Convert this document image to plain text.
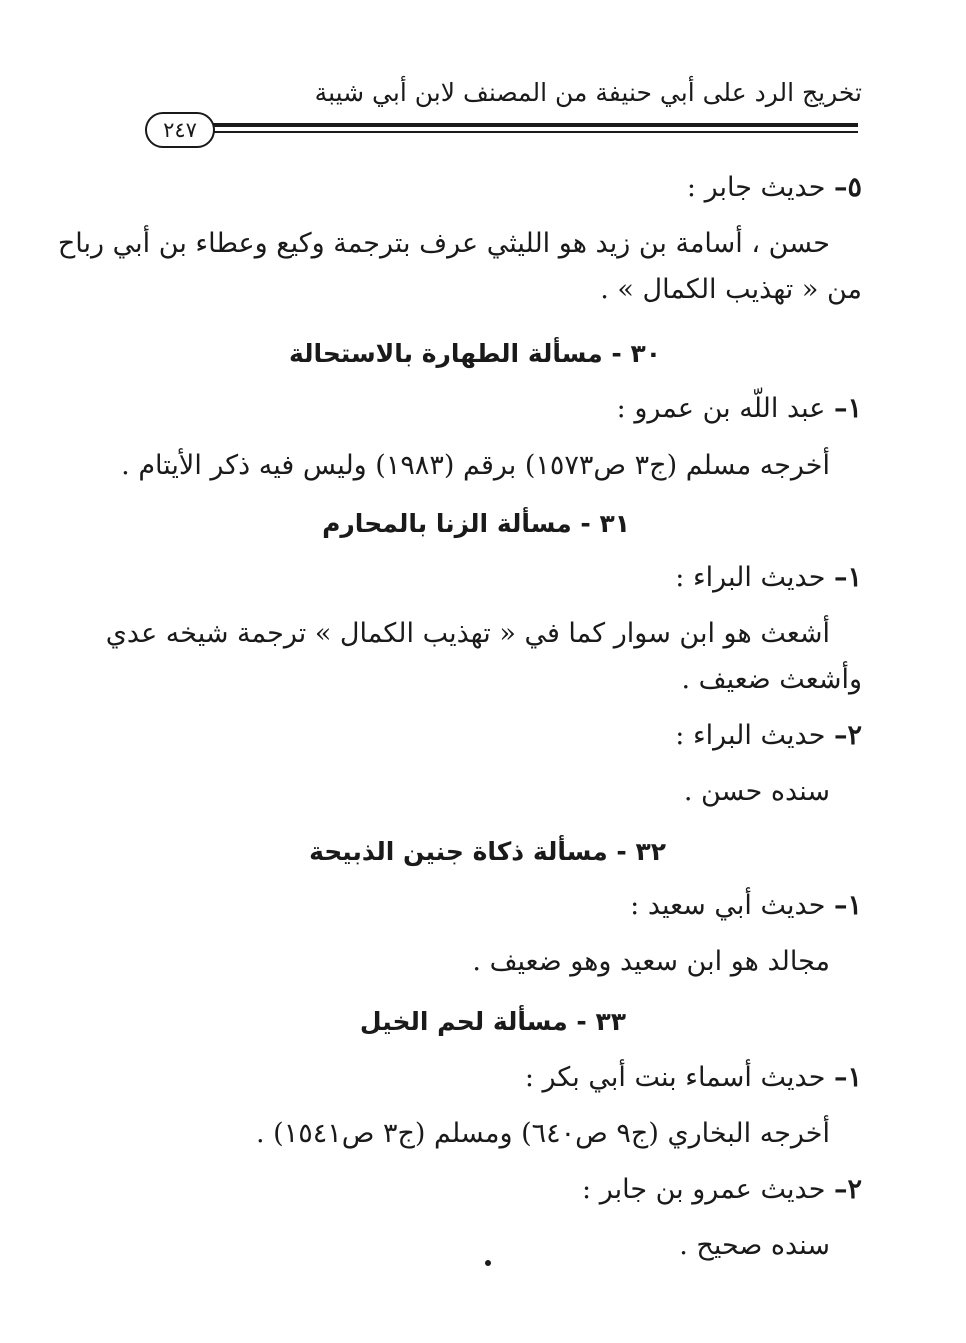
تخريج الرد على أبي حنيفة من المصنف لابن أبي شيبة
٢٤٧
٥– حديث جابر :
حسن ، أسامة بن زيد هو الليثي عرف بترجمة وكيع وعطاء بن أبي رباح
من « تهذيب الكمال » .
٣٠ - مسألة الطهارة بالاستحالة
١– عبد اللّه بن عمرو :
أخرجه مسلم (ج٣ ص١٥٧٣) برقم (١٩٨٣) وليس فيه ذكر الأيتام .
٣١ - مسألة الزنا بالمحارم
١– حديث البراء :
أشعث هو ابن سوار كما في « تهذيب الكمال » ترجمة شيخه عدي
وأشعث ضعيف .
٢– حديث البراء :
سنده حسن .
٣٢ - مسألة ذكاة جنين الذبيحة
١– حديث أبي سعيد :
مجالد هو ابن سعيد وهو ضعيف .
٣٣ - مسألة لحم الخيل
١– حديث أسماء بنت أبي بكر :
أخرجه البخاري (ج٩ ص٦٤٠) ومسلم (ج٣ ص١٥٤١) .
٢– حديث عمرو بن جابر :
سنده صحيح .
